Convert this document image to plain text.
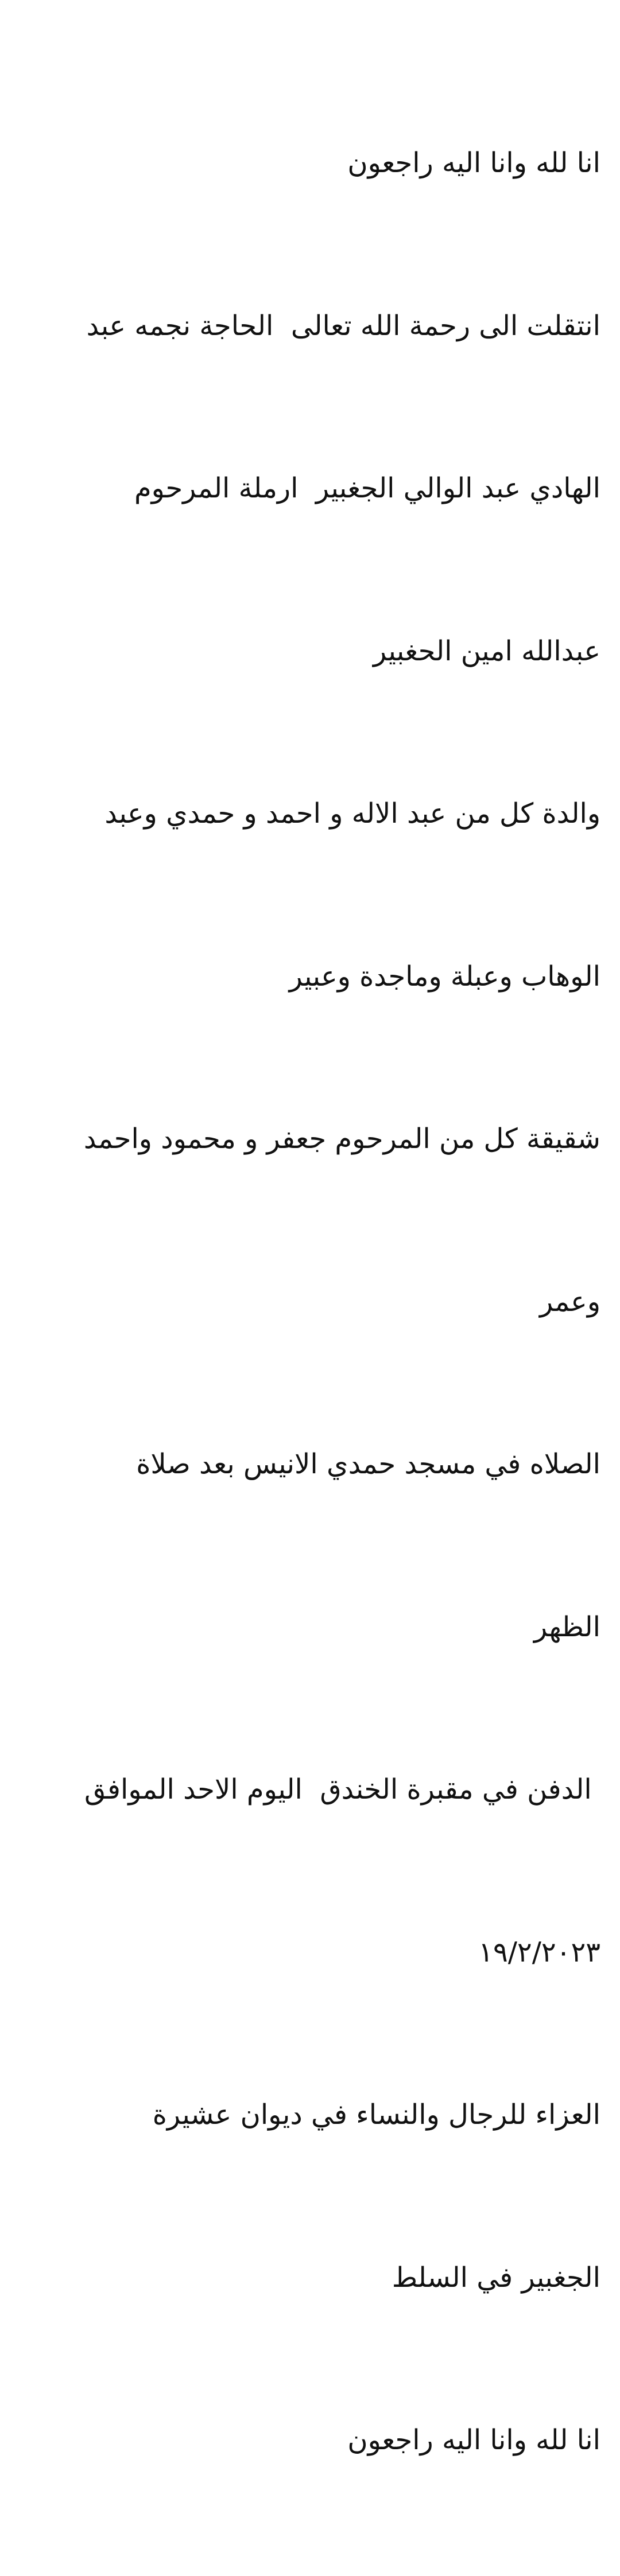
انا لله وانا اليه راجعون

انتقلت الى رحمة الله تعالى  الحاجة نجمه عبد

الهادي عبد الوالي الجغبير  ارملة المرحوم

عبدالله امين الحغبير

والدة كل من عبد الاله و احمد و حمدي وعبد

الوهاب وعبلة وماجدة وعبير

شقيقة كل من المرحوم جعفر و محمود واحمد

وعمر

الصلاه في مسجد حمدي الانيس بعد صلاة

الظهر

الدفن في مقبرة الخندق  اليوم الاحد الموافق

١٩/٢/٢٠٢٣

العزاء للرجال والنساء في ديوان عشيرة

الجغبير في السلط

انا لله وانا اليه راجعون
